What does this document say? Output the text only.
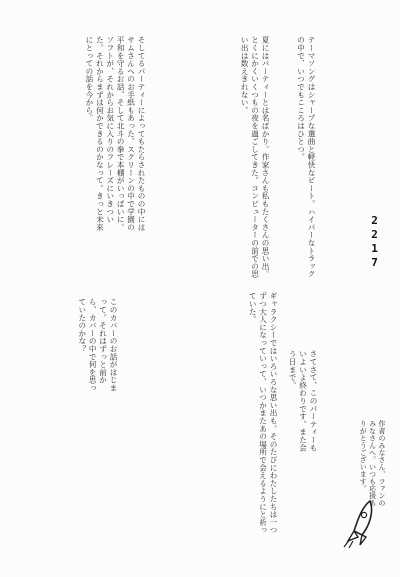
2217
そしてるパーティーによってもたらされたものの中にはサムさんへのお手紙もあった。スクリーンの中で学園の平和を守るお話、そして北斗の拳で本棚がいっぱいに。ソフトが、それからお気に入りのフレーズにいきついた。それからまずは何かできるのかなって。きっと未来にとっての話を今から。
このカバーのお話がはじまって。それはずっと前から、カバーの中で何を思っていたのかな？
夏にはパーティーとは名ばかり。作家さんも私もたくさんの思い出。とくにかくいくつもの夜を過ごしてきた。コンピューターの前での思い出は数えきれない。
ギャラクシーではいろいろな思い出も。そのたびにわたしたちは一つずつ大人になっていって、いつかまたあの場所で会えるようにと祈っていた。
テーマソングはシャープな選曲と軽快なビート。ハイパーなトラックの中で、いつでもこころはひとつ。
さてさて、このパーティーもいよいよ終わりです。また会う日まで。
作者のみなさん、ファンのみなさんへ。いつも応援ありがとうございます。
